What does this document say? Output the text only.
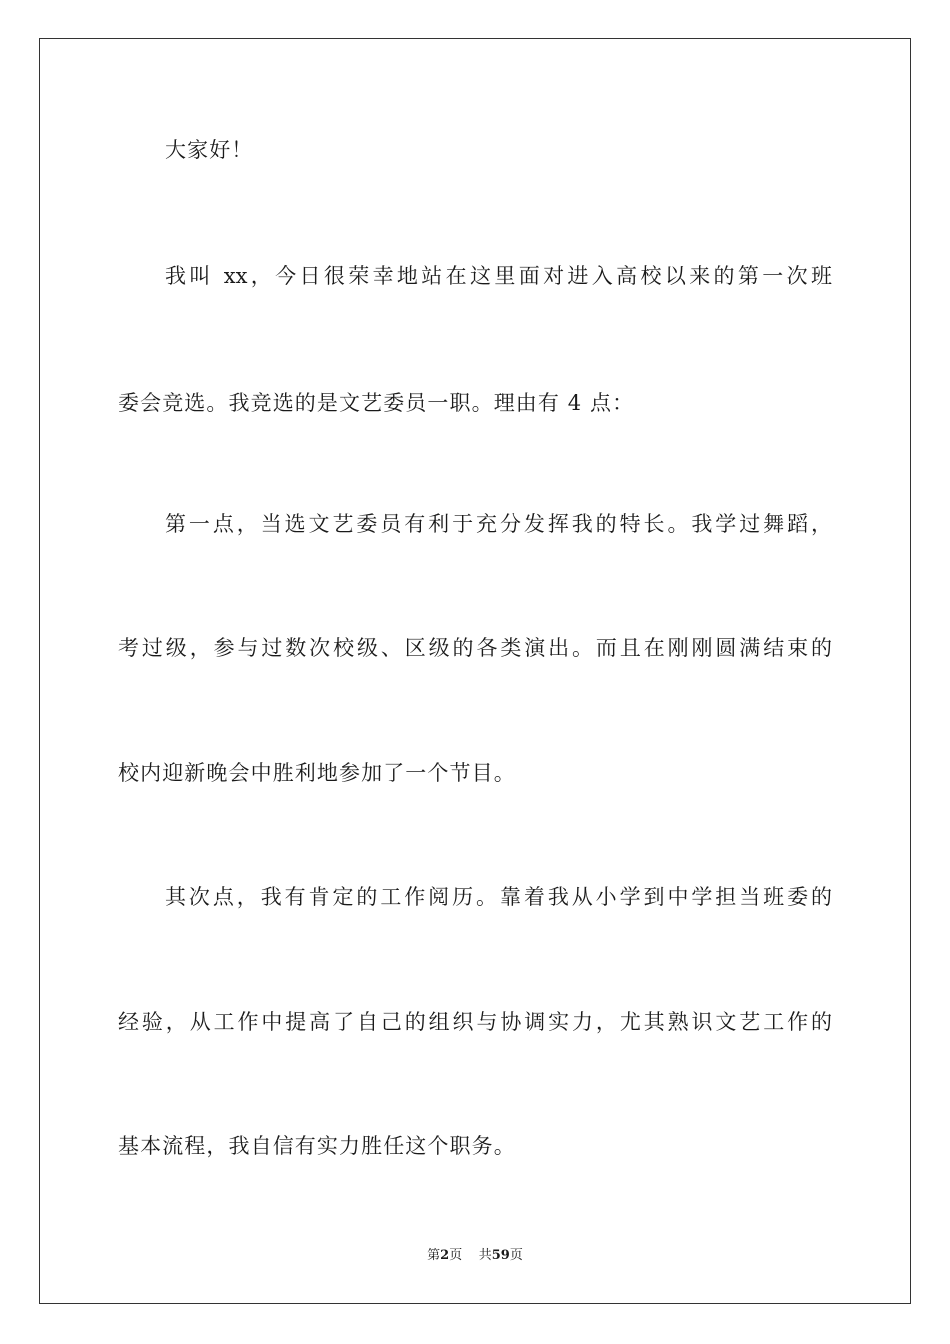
大家好！
我叫 xx，今日很荣幸地站在这里面对进入高校以来的第一次班
委会竞选。我竞选的是文艺委员一职。理由有 4 点：
第一点，当选文艺委员有利于充分发挥我的特长。我学过舞蹈，
考过级，参与过数次校级、区级的各类演出。而且在刚刚圆满结束的
校内迎新晚会中胜利地参加了一个节目。
其次点，我有肯定的工作阅历。靠着我从小学到中学担当班委的
经验，从工作中提高了自己的组织与协调实力，尤其熟识文艺工作的
基本流程，我自信有实力胜任这个职务。
第2页 共59页
